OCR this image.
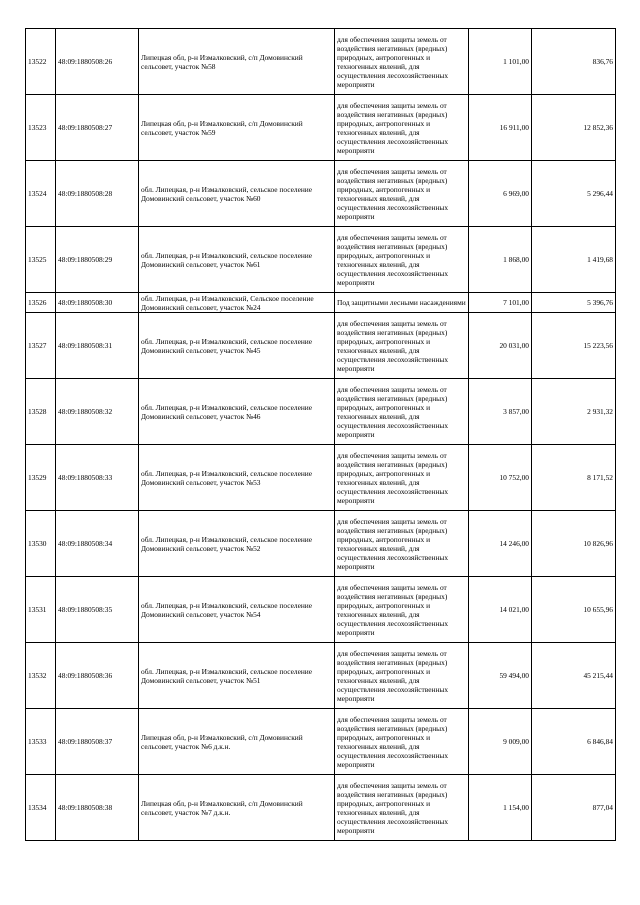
13522	48:09:1880508:26	Липецкая обл, р-н Измалковский, с/п Домовинский сельсовет, участок №58	для обеспечения защиты земель от воздействия негативных (вредных) природных, антропогенных и техногенных явлений, для осуществления лесохозяйственных мероприяти	1 101,00	836,76
13523	48:09:1880508:27	Липецкая обл, р-н Измалковский, с/п Домовинский сельсовет, участок №59	для обеспечения защиты земель от воздействия негативных (вредных) природных, антропогенных и техногенных явлений, для осуществления лесохозяйственных мероприяти	16 911,00	12 852,36
13524	48:09:1880508:28	обл. Липецкая, р-н Измалковский, сельское поселение Домовинский сельсовет, участок №60	для обеспечения защиты земель от воздействия негативных (вредных) природных, антропогенных и техногенных явлений, для осуществления лесохозяйственных мероприяти	6 969,00	5 296,44
13525	48:09:1880508:29	обл. Липецкая, р-н Измалковский, сельское поселение Домовинский сельсовет, участок №61	для обеспечения защиты земель от воздействия негативных (вредных) природных, антропогенных и техногенных явлений, для осуществления лесохозяйственных мероприяти	1 868,00	1 419,68
13526	48:09:1880508:30	обл. Липецкая, р-н Измалковский, Сельское поселение Домовинский сельсовет, участок №24	Под защитными лесными насаждениями	7 101,00	5 396,76
13527	48:09:1880508:31	обл. Липецкая, р-н Измалковский, сельское поселение Домовинский сельсовет, участок №45	для обеспечения защиты земель от воздействия негативных (вредных) природных, антропогенных и техногенных явлений, для осуществления лесохозяйственных мероприяти	20 031,00	15 223,56
13528	48:09:1880508:32	обл. Липецкая, р-н Измалковский, сельское поселение Домовинский сельсовет, участок №46	для обеспечения защиты земель от воздействия негативных (вредных) природных, антропогенных и техногенных явлений, для осуществления лесохозяйственных мероприяти	3 857,00	2 931,32
13529	48:09:1880508:33	обл. Липецкая, р-н Измалковский, сельское поселение Домовинский сельсовет, участок №53	для обеспечения защиты земель от воздействия негативных (вредных) природных, антропогенных и техногенных явлений, для осуществления лесохозяйственных мероприяти	10 752,00	8 171,52
13530	48:09:1880508:34	обл. Липецкая, р-н Измалковский, сельское поселение Домовинский сельсовет, участок №52	для обеспечения защиты земель от воздействия негативных (вредных) природных, антропогенных и техногенных явлений, для осуществления лесохозяйственных мероприяти	14 246,00	10 826,96
13531	48:09:1880508:35	обл. Липецкая, р-н Измалковский, сельское поселение Домовинский сельсовет, участок №54	для обеспечения защиты земель от воздействия негативных (вредных) природных, антропогенных и техногенных явлений, для осуществления лесохозяйственных мероприяти	14 021,00	10 655,96
13532	48:09:1880508:36	обл. Липецкая, р-н Измалковский, сельское поселение Домовинский сельсовет, участок №51	для обеспечения защиты земель от воздействия негативных (вредных) природных, антропогенных и техногенных явлений, для осуществления лесохозяйственных мероприяти	59 494,00	45 215,44
13533	48:09:1880508:37	Липецкая обл, р-н Измалковский, с/п Домовинский сельсовет, участок №6 д.к.н.	для обеспечения защиты земель от воздействия негативных (вредных) природных, антропогенных и техногенных явлений, для осуществления лесохозяйственных мероприяти	9 009,00	6 846,84
13534	48:09:1880508:38	Липецкая обл, р-н Измалковский, с/п Домовинский сельсовет, участок №7 д.к.н.	для обеспечения защиты земель от воздействия негативных (вредных) природных, антропогенных и техногенных явлений, для осуществления лесохозяйственных мероприяти	1 154,00	877,04
